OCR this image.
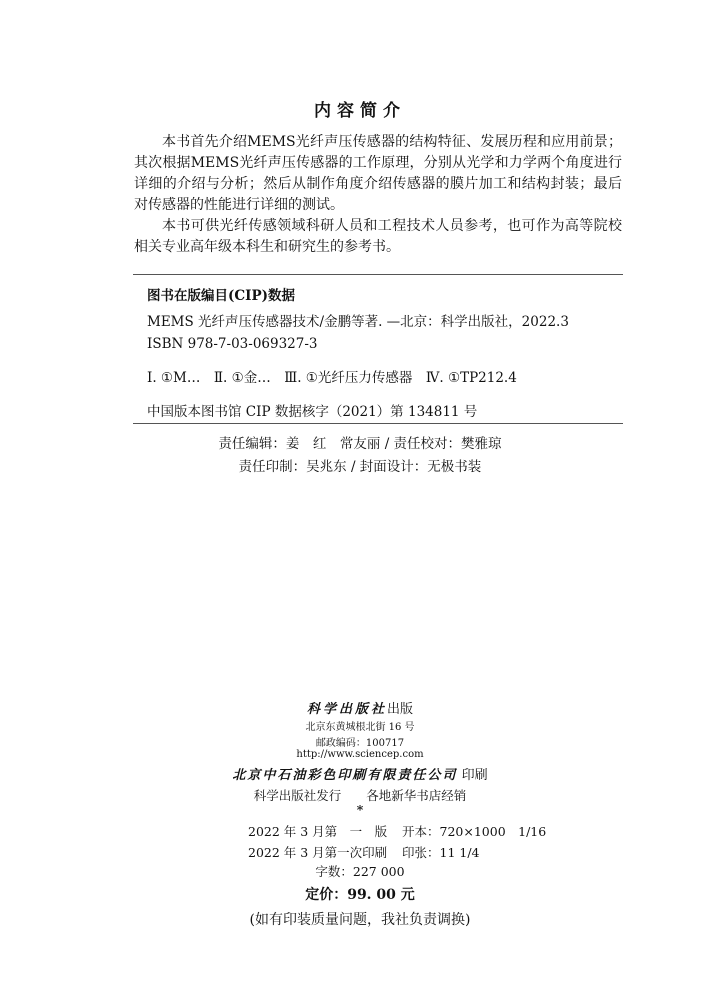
内容简介

本书首先介绍MEMS光纤声压传感器的结构特征、发展历程和应用前景；其次根据MEMS光纤声压传感器的工作原理，分别从光学和力学两个角度进行详细的介绍与分析；然后从制作角度介绍传感器的膜片加工和结构封装；最后对传感器的性能进行详细的测试。

本书可供光纤传感领域科研人员和工程技术人员参考，也可作为高等院校相关专业高年级本科生和研究生的参考书。

图书在版编目(CIP)数据
MEMS 光纤声压传感器技术/金鹏等著. —北京：科学出版社，2022.3
ISBN 978-7-03-069327-3
Ⅰ. ①M…　Ⅱ. ①金…　Ⅲ. ①光纤压力传感器　Ⅳ. ①TP212.4
中国版本图书馆 CIP 数据核字（2021）第 134811 号
责任编辑：姜　红　常友丽 / 责任校对：樊雅琼
责任印制：吴兆东 / 封面设计：无极书装
科学出版社出版
北京东黄城根北街 16 号
邮政编码：100717
http://www.sciencep.com
北京中石油彩色印刷有限责任公司 印刷
科学出版社发行　　各地新华书店经销
*
2022 年 3 月第　一　版 开本：720×1000　1/16
2022 年 3 月第一次印刷 印张：11 1/4
字数：227 000
定价：99. 00 元
(如有印装质量问题，我社负责调换)
